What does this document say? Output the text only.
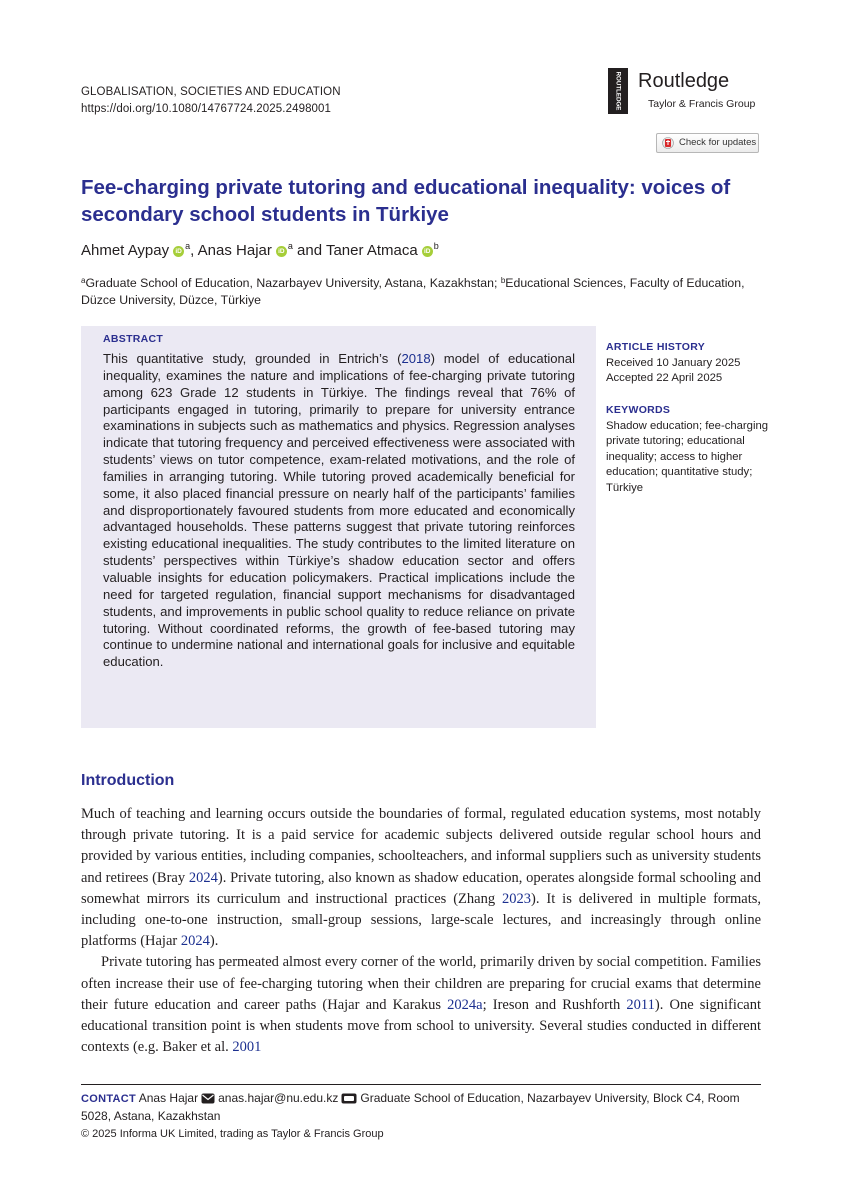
GLOBALISATION, SOCIETIES AND EDUCATION
https://doi.org/10.1080/14767724.2025.2498001	ROUTLEDGE Routledge
Taylor & Francis Group
Check for updates
Fee-charging private tutoring and educational inequality: voices of secondary school students in Türkiye
Ahmet Aypay $iD^a$, Anas Hajar $iD^a$ and Taner Atmaca $iD^b$
$^a$Graduate School of Education, Nazarbayev University, Astana, Kazakhstan; $^b$Educational Sciences, Faculty of Education, Düzce University, Düzce, Türkiye
ABSTRACT
This quantitative study, grounded in Entrich’s (2018) model of educational inequality, examines the nature and implications of fee-charging private tutoring among 623 Grade 12 students in Türkiye. The findings reveal that 76% of participants engaged in tutoring, primarily to prepare for university entrance examinations in subjects such as mathematics and physics. Regression analyses indicate that tutoring frequency and perceived effectiveness were associated with students’ views on tutor competence, exam-related motivations, and the role of families in arranging tutoring. While tutoring proved academically beneficial for some, it also placed financial pressure on nearly half of the participants’ families and disproportionately favoured students from more educated and economically advantaged households. These patterns suggest that private tutoring reinforces existing educational inequalities. The study contributes to the limited literature on students’ perspectives within Türkiye’s shadow education sector and offers valuable insights for education policymakers. Practical implications include the need for targeted regulation, financial support mechanisms for disadvantaged students, and improvements in public school quality to reduce reliance on private tutoring. Without coordinated reforms, the growth of fee-based tutoring may continue to undermine national and international goals for inclusive and equitable education.
ARTICLE HISTORY
Received 10 January 2025
Accepted 22 April 2025
KEYWORDS
Shadow education; fee-charging private tutoring; educational inequality; access to higher education; quantitative study; Türkiye
Introduction

Much of teaching and learning occurs outside the boundaries of formal, regulated education systems, most notably through private tutoring. It is a paid service for academic subjects delivered outside regular school hours and provided by various entities, including companies, schoolteachers, and informal suppliers such as university students and retirees (Bray 2024). Private tutoring, also known as shadow education, operates alongside formal schooling and somewhat mirrors its curriculum and instructional practices (Zhang 2023). It is delivered in multiple formats, including one-to-one instruction, small-group sessions, large-scale lectures, and increasingly through online platforms (Hajar 2024).

Private tutoring has permeated almost every corner of the world, primarily driven by social competition. Families often increase their use of fee-charging tutoring when their children are preparing for crucial exams that determine their future education and career paths (Hajar and Karakus 2024a; Ireson and Rushforth 2011). One significant educational transition point is when students move from school to university. Several studies conducted in different contexts (e.g. Baker et al. 2001

CONTACT Anas Hajar anas.hajar@nu.edu.kz Graduate School of Education, Nazarbayev University, Block C4, Room 5028, Astana, Kazakhstan
© 2025 Informa UK Limited, trading as Taylor & Francis Group
